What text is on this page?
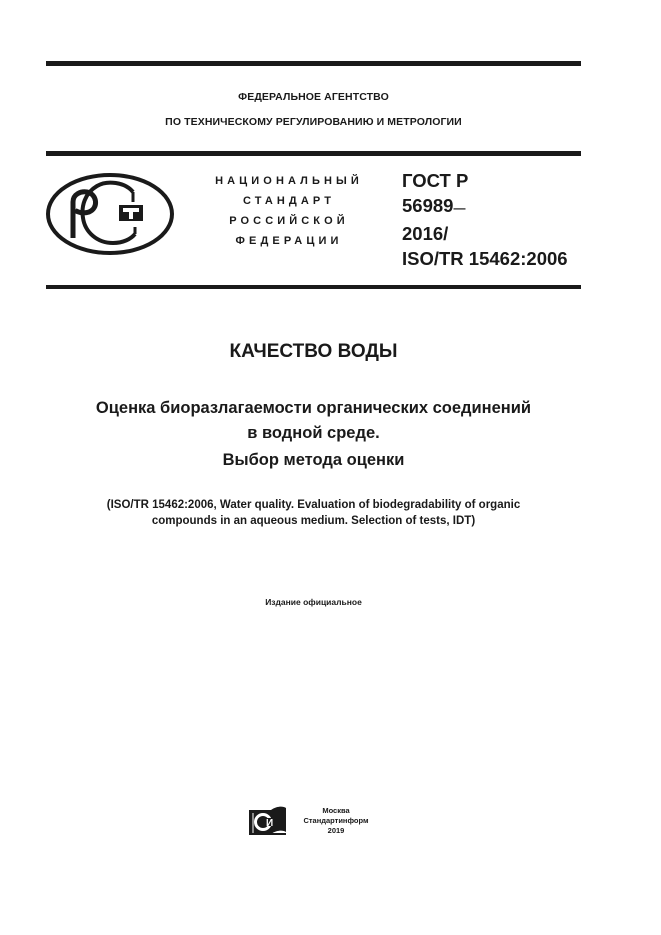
ФЕДЕРАЛЬНОЕ АГЕНТСТВО
ПО ТЕХНИЧЕСКОМУ РЕГУЛИРОВАНИЮ И МЕТРОЛОГИИ
НАЦИОНАЛЬНЫЙ
СТАНДАРТ
РОССИЙСКОЙ
ФЕДЕРАЦИИ
ГОСТ Р
56989—
2016/
ISO/TR 15462:2006
КАЧЕСТВО ВОДЫ
Оценка биоразлагаемости органических соединений
в водной среде.
Выбор метода оценки
(ISO/TR 15462:2006, Water quality. Evaluation of biodegradability of organic
compounds in an aqueous medium. Selection of tests, IDT)
Издание официальное
И
Москва
Стандартинформ
2019
